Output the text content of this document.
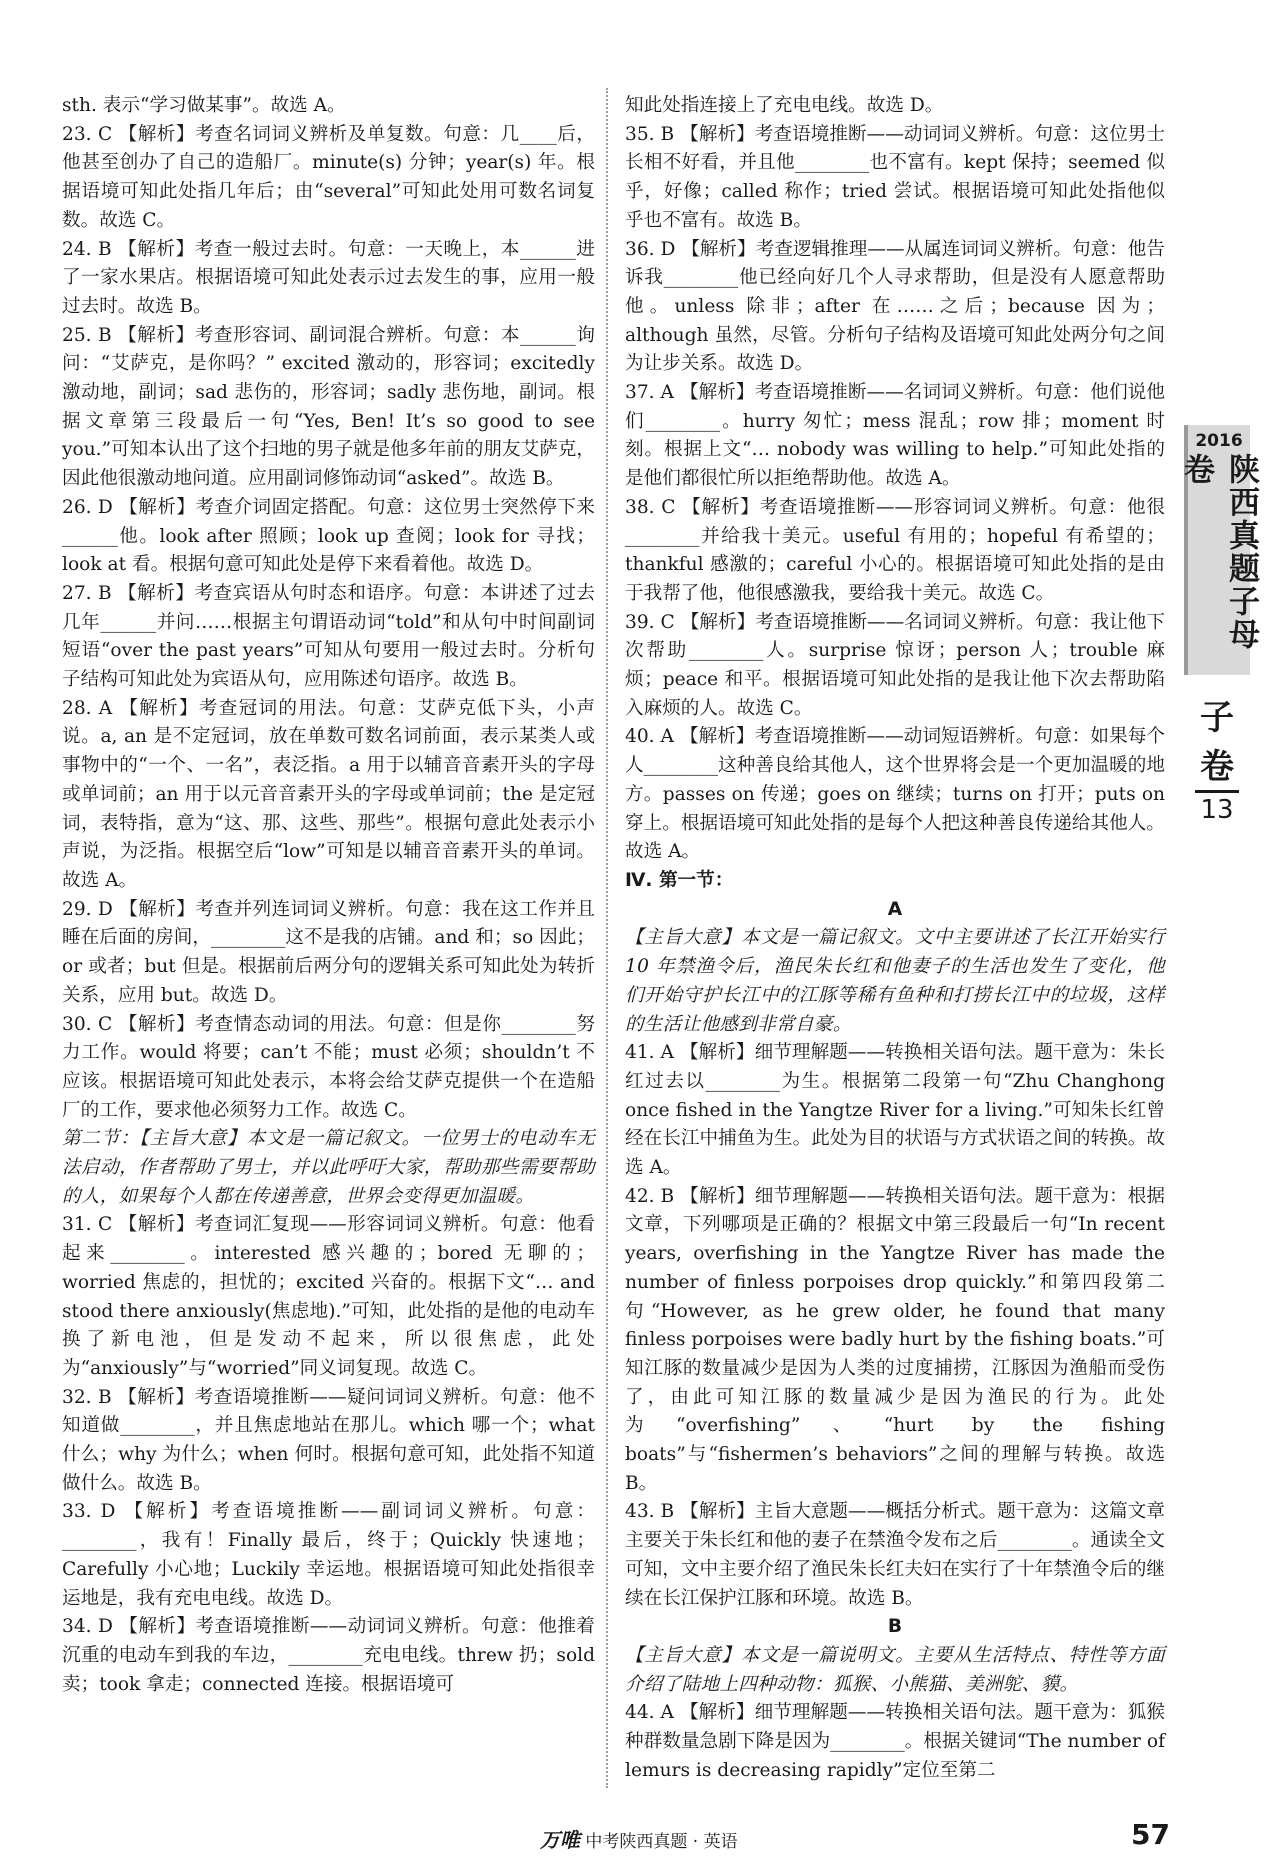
sth. 表示“学习做某事”。故选 A。

23. C 【解析】考查名词词义辨析及单复数。句意：几____后，他甚至创办了自己的造船厂。minute(s) 分钟；year(s) 年。根据语境可知此处指几年后；由“several”可知此处用可数名词复数。故选 C。

24. B 【解析】考查一般过去时。句意：一天晚上，本______进了一家水果店。根据语境可知此处表示过去发生的事，应用一般过去时。故选 B。

25. B 【解析】考查形容词、副词混合辨析。句意：本______询问：“艾萨克，是你吗？” excited 激动的，形容词；excitedly 激动地，副词；sad 悲伤的，形容词；sadly 悲伤地，副词。根据文章第三段最后一句“Yes, Ben! It’s so good to see you.”可知本认出了这个扫地的男子就是他多年前的朋友艾萨克，因此他很激动地问道。应用副词修饰动词“asked”。故选 B。

26. D 【解析】考查介词固定搭配。句意：这位男士突然停下来______他。look after 照顾；look up 查阅；look for 寻找；look at 看。根据句意可知此处是停下来看着他。故选 D。

27. B 【解析】考查宾语从句时态和语序。句意：本讲述了过去几年______并问……根据主句谓语动词“told”和从句中时间副词短语“over the past years”可知从句要用一般过去时。分析句子结构可知此处为宾语从句，应用陈述句语序。故选 B。

28. A 【解析】考查冠词的用法。句意：艾萨克低下头，小声说。a, an 是不定冠词，放在单数可数名词前面，表示某类人或事物中的“一个、一名”，表泛指。a 用于以辅音音素开头的字母或单词前；an 用于以元音音素开头的字母或单词前；the 是定冠词，表特指，意为“这、那、这些、那些”。根据句意此处表示小声说，为泛指。根据空后“low”可知是以辅音音素开头的单词。故选 A。

29. D 【解析】考查并列连词词义辨析。句意：我在这工作并且睡在后面的房间，________这不是我的店铺。and 和；so 因此；or 或者；but 但是。根据前后两分句的逻辑关系可知此处为转折关系，应用 but。故选 D。

30. C 【解析】考查情态动词的用法。句意：但是你________努力工作。would 将要；can’t 不能；must 必须；shouldn’t 不应该。根据语境可知此处表示，本将会给艾萨克提供一个在造船厂的工作，要求他必须努力工作。故选 C。

第二节：【主旨大意】本文是一篇记叙文。一位男士的电动车无法启动，作者帮助了男士，并以此呼吁大家，帮助那些需要帮助的人，如果每个人都在传递善意，世界会变得更加温暖。

31. C 【解析】考查词汇复现——形容词词义辨析。句意：他看起来________。interested 感兴趣的；bored 无聊的；worried 焦虑的，担忧的；excited 兴奋的。根据下文“… and stood there anxiously(焦虑地).”可知，此处指的是他的电动车换了新电池，但是发动不起来，所以很焦虑，此处为“anxiously”与“worried”同义词复现。故选 C。

32. B 【解析】考查语境推断——疑问词词义辨析。句意：他不知道做________，并且焦虑地站在那儿。which 哪一个；what 什么；why 为什么；when 何时。根据句意可知，此处指不知道做什么。故选 B。

33. D 【解析】考查语境推断——副词词义辨析。句意：________，我有！Finally 最后，终于；Quickly 快速地；Carefully 小心地；Luckily 幸运地。根据语境可知此处指很幸运地是，我有充电电线。故选 D。

34. D 【解析】考查语境推断——动词词义辨析。句意：他推着沉重的电动车到我的车边，________充电电线。threw 扔；sold 卖；took 拿走；connected 连接。根据语境可

知此处指连接上了充电电线。故选 D。

35. B 【解析】考查语境推断——动词词义辨析。句意：这位男士长相不好看，并且他________也不富有。kept 保持；seemed 似乎，好像；called 称作；tried 尝试。根据语境可知此处指他似乎也不富有。故选 B。

36. D 【解析】考查逻辑推理——从属连词词义辨析。句意：他告诉我________他已经向好几个人寻求帮助，但是没有人愿意帮助他。unless 除非；after 在……之后；because 因为；although 虽然，尽管。分析句子结构及语境可知此处两分句之间为让步关系。故选 D。

37. A 【解析】考查语境推断——名词词义辨析。句意：他们说他们________。hurry 匆忙；mess 混乱；row 排；moment 时刻。根据上文“… nobody was willing to help.”可知此处指的是他们都很忙所以拒绝帮助他。故选 A。

38. C 【解析】考查语境推断——形容词词义辨析。句意：他很________并给我十美元。useful 有用的；hopeful 有希望的；thankful 感激的；careful 小心的。根据语境可知此处指的是由于我帮了他，他很感激我，要给我十美元。故选 C。

39. C 【解析】考查语境推断——名词词义辨析。句意：我让他下次帮助________人。surprise 惊讶；person 人；trouble 麻烦；peace 和平。根据语境可知此处指的是我让他下次去帮助陷入麻烦的人。故选 C。

40. A 【解析】考查语境推断——动词短语辨析。句意：如果每个人________这种善良给其他人，这个世界将会是一个更加温暖的地方。passes on 传递；goes on 继续；turns on 打开；puts on 穿上。根据语境可知此处指的是每个人把这种善良传递给其他人。故选 A。

Ⅳ. 第一节：

A

【主旨大意】本文是一篇记叙文。文中主要讲述了长江开始实行 10 年禁渔令后，渔民朱长红和他妻子的生活也发生了变化，他们开始守护长江中的江豚等稀有鱼种和打捞长江中的垃圾，这样的生活让他感到非常自豪。

41. A 【解析】细节理解题——转换相关语句法。题干意为：朱长红过去以________为生。根据第二段第一句“Zhu Changhong once fished in the Yangtze River for a living.”可知朱长红曾经在长江中捕鱼为生。此处为目的状语与方式状语之间的转换。故选 A。

42. B 【解析】细节理解题——转换相关语句法。题干意为：根据文章，下列哪项是正确的？根据文中第三段最后一句“In recent years, overfishing in the Yangtze River has made the number of finless porpoises drop quickly.”和第四段第二句“However, as he grew older, he found that many finless porpoises were badly hurt by the fishing boats.”可知江豚的数量减少是因为人类的过度捕捞，江豚因为渔船而受伤了，由此可知江豚的数量减少是因为渔民的行为。此处为“overfishing”、“hurt by the fishing boats”与“fishermen’s behaviors”之间的理解与转换。故选 B。

43. B 【解析】主旨大意题——概括分析式。题干意为：这篇文章主要关于朱长红和他的妻子在禁渔令发布之后________。通读全文可知，文中主要介绍了渔民朱长红夫妇在实行了十年禁渔令后的继续在长江保护江豚和环境。故选 B。

B

【主旨大意】本文是一篇说明文。主要从生活特点、特性等方面介绍了陆地上四种动物：狐猴、小熊猫、美洲鸵、貘。

44. A 【解析】细节理解题——转换相关语句法。题干意为：狐猴种群数量急剧下降是因为________。根据关键词“The number of lemurs is decreasing rapidly”定位至第二

2016
陕西真题子母卷
子卷
13
万唯 中考陕西真题 · 英语	57
